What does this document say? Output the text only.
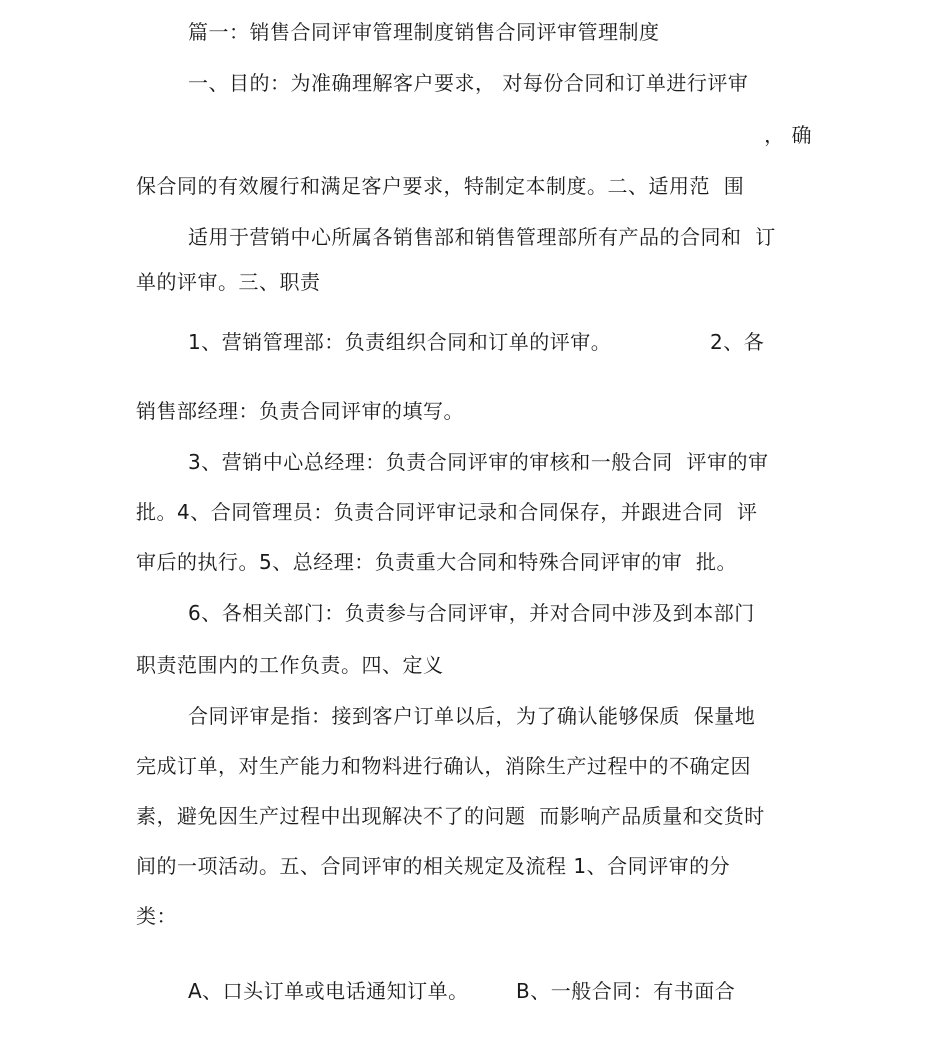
篇一：销售合同评审管理制度销售合同评审管理制度
一、目的：为准确理解客户要求， 对每份合同和订单进行评审
， 确
保合同的有效履行和满足客户要求，特制定本制度。二、适用范  围
适用于营销中心所属各销售部和销售管理部所有产品的合同和  订
单的评审。三、职责
1、营销管理部：负责组织合同和订单的评审。	2、各
销售部经理：负责合同评审的填写。
3、营销中心总经理：负责合同评审的审核和一般合同  评审的审
批。4、合同管理员：负责合同评审记录和合同保存，并跟进合同  评
审后的执行。5、总经理：负责重大合同和特殊合同评审的审  批。
6、各相关部门：负责参与合同评审，并对合同中涉及到本部门
职责范围内的工作负责。四、定义
合同评审是指：接到客户订单以后，为了确认能够保质  保量地
完成订单，对生产能力和物料进行确认，消除生产过程中的不确定因
素，避免因生产过程中出现解决不了的问题  而影响产品质量和交货时
间的一项活动。五、合同评审的相关规定及流程 1、合同评审的分
类：
A、口头订单或电话通知订单。 B、一般合同：有书面合
